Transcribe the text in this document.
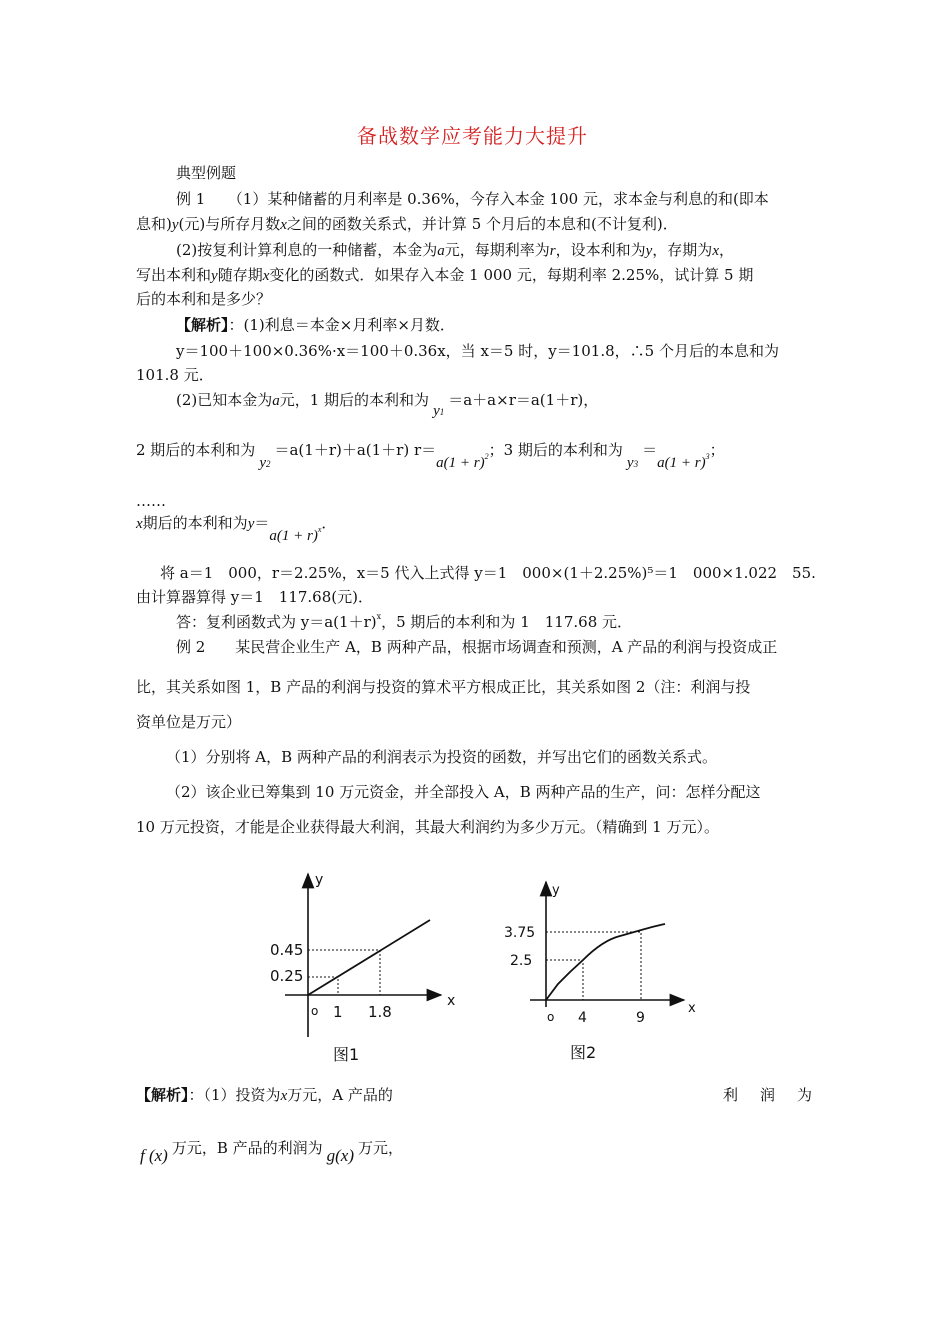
备战数学应考能力大提升
典型例题
例 1　　（1）某种储蓄的月利率是 0.36%，今存入本金 100 元，求本金与利息的和(即本
息和)y(元)与所存月数x之间的函数关系式，并计算 5 个月后的本息和(不计复利)．
(2)按复利计算利息的一种储蓄，本金为a元，每期利率为r，设本利和为y，存期为x，
写出本利和y随存期x变化的函数式．如果存入本金 1 000 元，每期利率 2.25%，试计算 5 期
后的本利和是多少？
【解析】：(1)利息＝本金×月利率×月数．
y＝100＋100×0.36%·x＝100＋0.36x，当 x＝5 时，y＝101.8，∴5 个月后的本息和为
101.8 元．
(2)已知本金为a元，1 期后的本利和为y1＝a＋a×r＝a(1＋r)，
2 期后的本利和为y2＝a(1＋r)＋a(1＋r) $r=a(1 + r)^2$；3 期后的本利和为$y3=a(1 + r)^3$；
……
x期后的本利和为$y=a(1 + r)^x$．
将 a＝1　000，r＝2.25%，x＝5 代入上式得 y＝1　000×(1＋2.25%)⁵＝1　000×1.022　55.
由计算器算得 y＝1　117.68(元)．
答：复利函数式为 $y=a(1+r)^x$，5 期后的本利和为 1　117.68 元．
例 2　　某民营企业生产 A，B 两种产品，根据市场调查和预测，A 产品的利润与投资成正
比，其关系如图 1，B 产品的利润与投资的算术平方根成正比，其关系如图 2（注：利润与投
资单位是万元）
（1）分别将 A，B 两种产品的利润表示为投资的函数，并写出它们的函数关系式。
（2）该企业已筹集到 10 万元资金，并全部投入 A，B 两种产品的生产，问：怎样分配这
10 万元投资，才能是企业获得最大利润，其最大利润约为多少万元。（精确到 1 万元）。
y
x
o 1 1.8
0.45
0.25
图1
y
x
o 4	9
3.75
2.5
图2
【解析】：（1）投资为x万元，A 产品的	利 润 为
f (x) 万元，B 产品的利润为 g(x) 万元，
